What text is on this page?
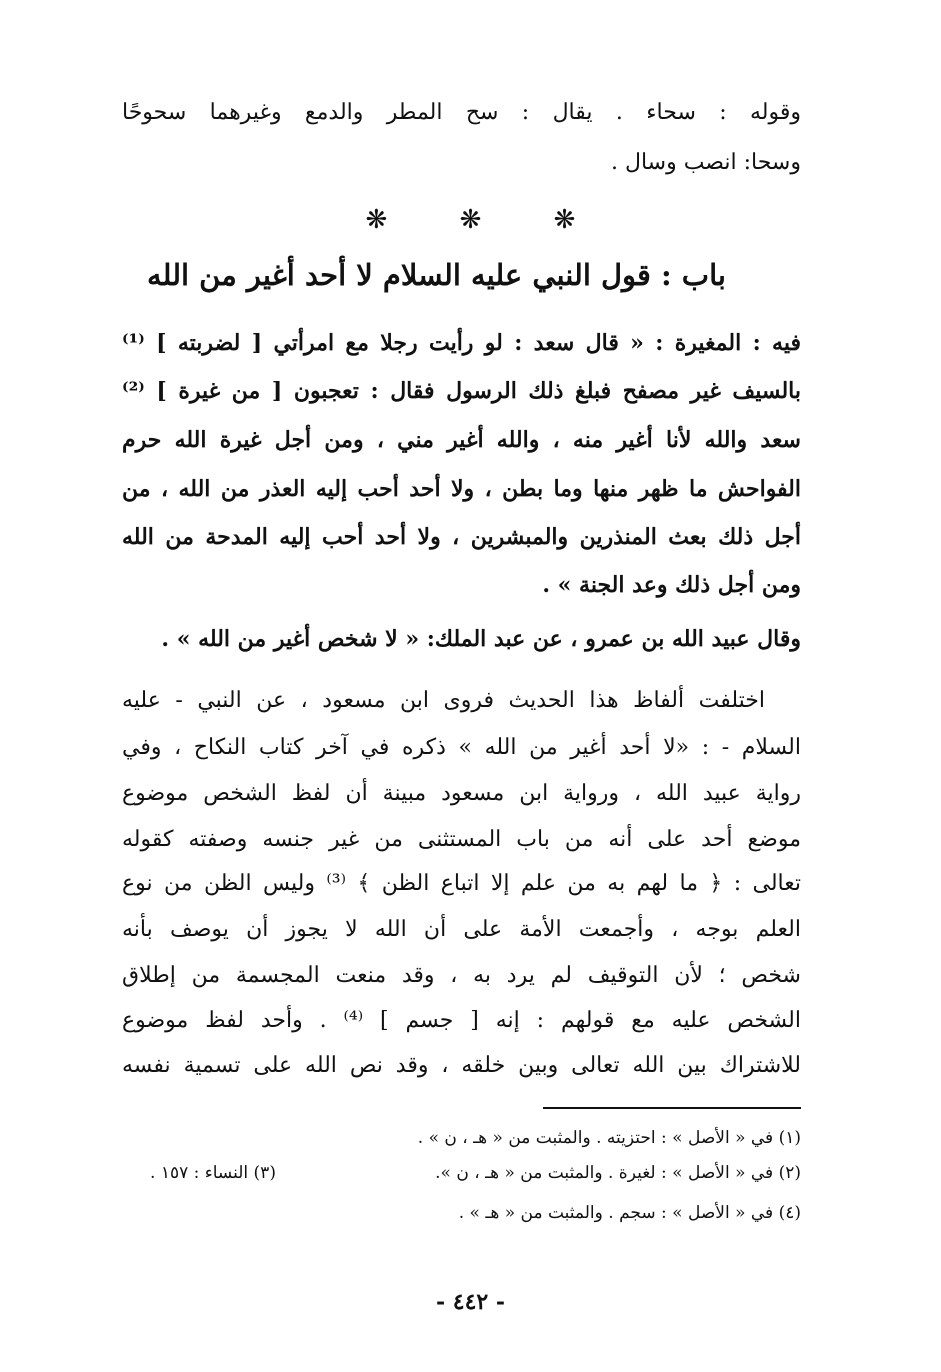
وقوله : سحاء . يقال : سح المطر والدمع وغيرهما سحوحًا
وسحا: انصب وسال .
❋ ❋ ❋
باب : قول النبي عليه السلام لا أحد أغير من الله
فيه : المغيرة : « قال سعد : لو رأيت رجلا مع امرأتي [ لضربته ] ⁽¹⁾
بالسيف غير مصفح فبلغ ذلك الرسول فقال : تعجبون [ من غيرة ] ⁽²⁾
سعد والله لأنا أغير منه ، والله أغير مني ، ومن أجل غيرة الله حرم
الفواحش ما ظهر منها وما بطن ، ولا أحد أحب إليه العذر من الله ، من
أجل ذلك بعث المنذرين والمبشرين ، ولا أحد أحب إليه المدحة من الله
ومن أجل ذلك وعد الجنة » .
وقال عبيد الله بن عمرو ، عن عبد الملك: « لا شخص أغير من الله » .
اختلفت ألفاظ هذا الحديث فروى ابن مسعود ، عن النبي - عليه
السلام - : «لا أحد أغير من الله » ذكره في آخر كتاب النكاح ، وفي
رواية عبيد الله ، ورواية ابن مسعود مبينة أن لفظ الشخص موضوع
موضع أحد على أنه من باب المستثنى من غير جنسه وصفته كقوله
تعالى : ﴿ ما لهم به من علم إلا اتباع الظن ﴾ ⁽³⁾ وليس الظن من نوع
العلم بوجه ، وأجمعت الأمة على أن الله لا يجوز أن يوصف بأنه
شخص ؛ لأن التوقيف لم يرد به ، وقد منعت المجسمة من إطلاق
الشخص عليه مع قولهم : إنه [ جسم ] ⁽⁴⁾ . وأحد لفظ موضوع
للاشتراك بين الله تعالى وبين خلقه ، وقد نص الله على تسمية نفسه
(١) في « الأصل » : احتزيته . والمثبت من « هـ ، ن » .
(٢) في « الأصل » : لغيرة . والمثبت من « هـ ، ن ».
(٣) النساء : ١٥٧ .
(٤) في « الأصل » : سجم . والمثبت من « هـ » .
- ٤٤٢ -
